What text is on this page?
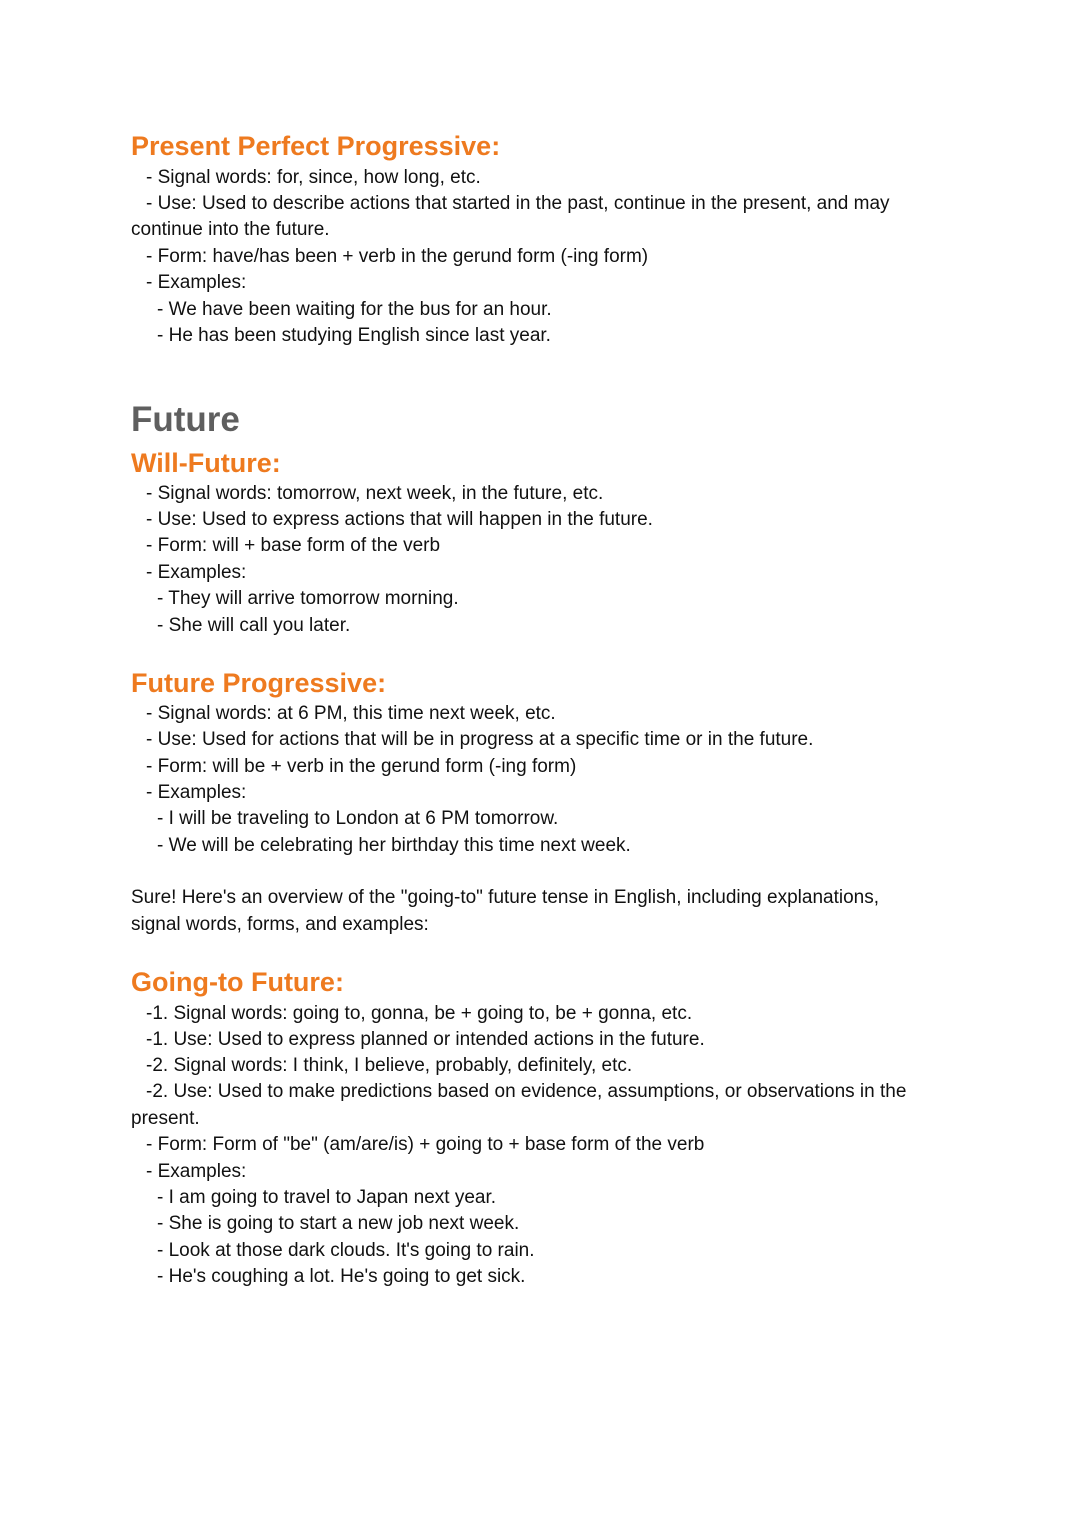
Present Perfect Progressive:

- Signal words: for, since, how long, etc.

- Use: Used to describe actions that started in the past, continue in the present, and may

continue into the future.

- Form: have/has been + verb in the gerund form (-ing form)

- Examples:

- We have been waiting for the bus for an hour.

- He has been studying English since last year.

Future
Will-Future:

- Signal words: tomorrow, next week, in the future, etc.

- Use: Used to express actions that will happen in the future.

- Form: will + base form of the verb

- Examples:

- They will arrive tomorrow morning.

- She will call you later.

Future Progressive:

- Signal words: at 6 PM, this time next week, etc.

- Use: Used for actions that will be in progress at a specific time or in the future.

- Form: will be + verb in the gerund form (-ing form)

- Examples:

- I will be traveling to London at 6 PM tomorrow.

- We will be celebrating her birthday this time next week.

Sure! Here's an overview of the "going-to" future tense in English, including explanations,

signal words, forms, and examples:

Going-to Future:

-1. Signal words: going to, gonna, be + going to, be + gonna, etc.

-1. Use: Used to express planned or intended actions in the future.

-2. Signal words: I think, I believe, probably, definitely, etc.

-2. Use: Used to make predictions based on evidence, assumptions, or observations in the

present.

- Form: Form of "be" (am/are/is) + going to + base form of the verb

- Examples:

- I am going to travel to Japan next year.

- She is going to start a new job next week.

- Look at those dark clouds. It's going to rain.

- He's coughing a lot. He's going to get sick.
